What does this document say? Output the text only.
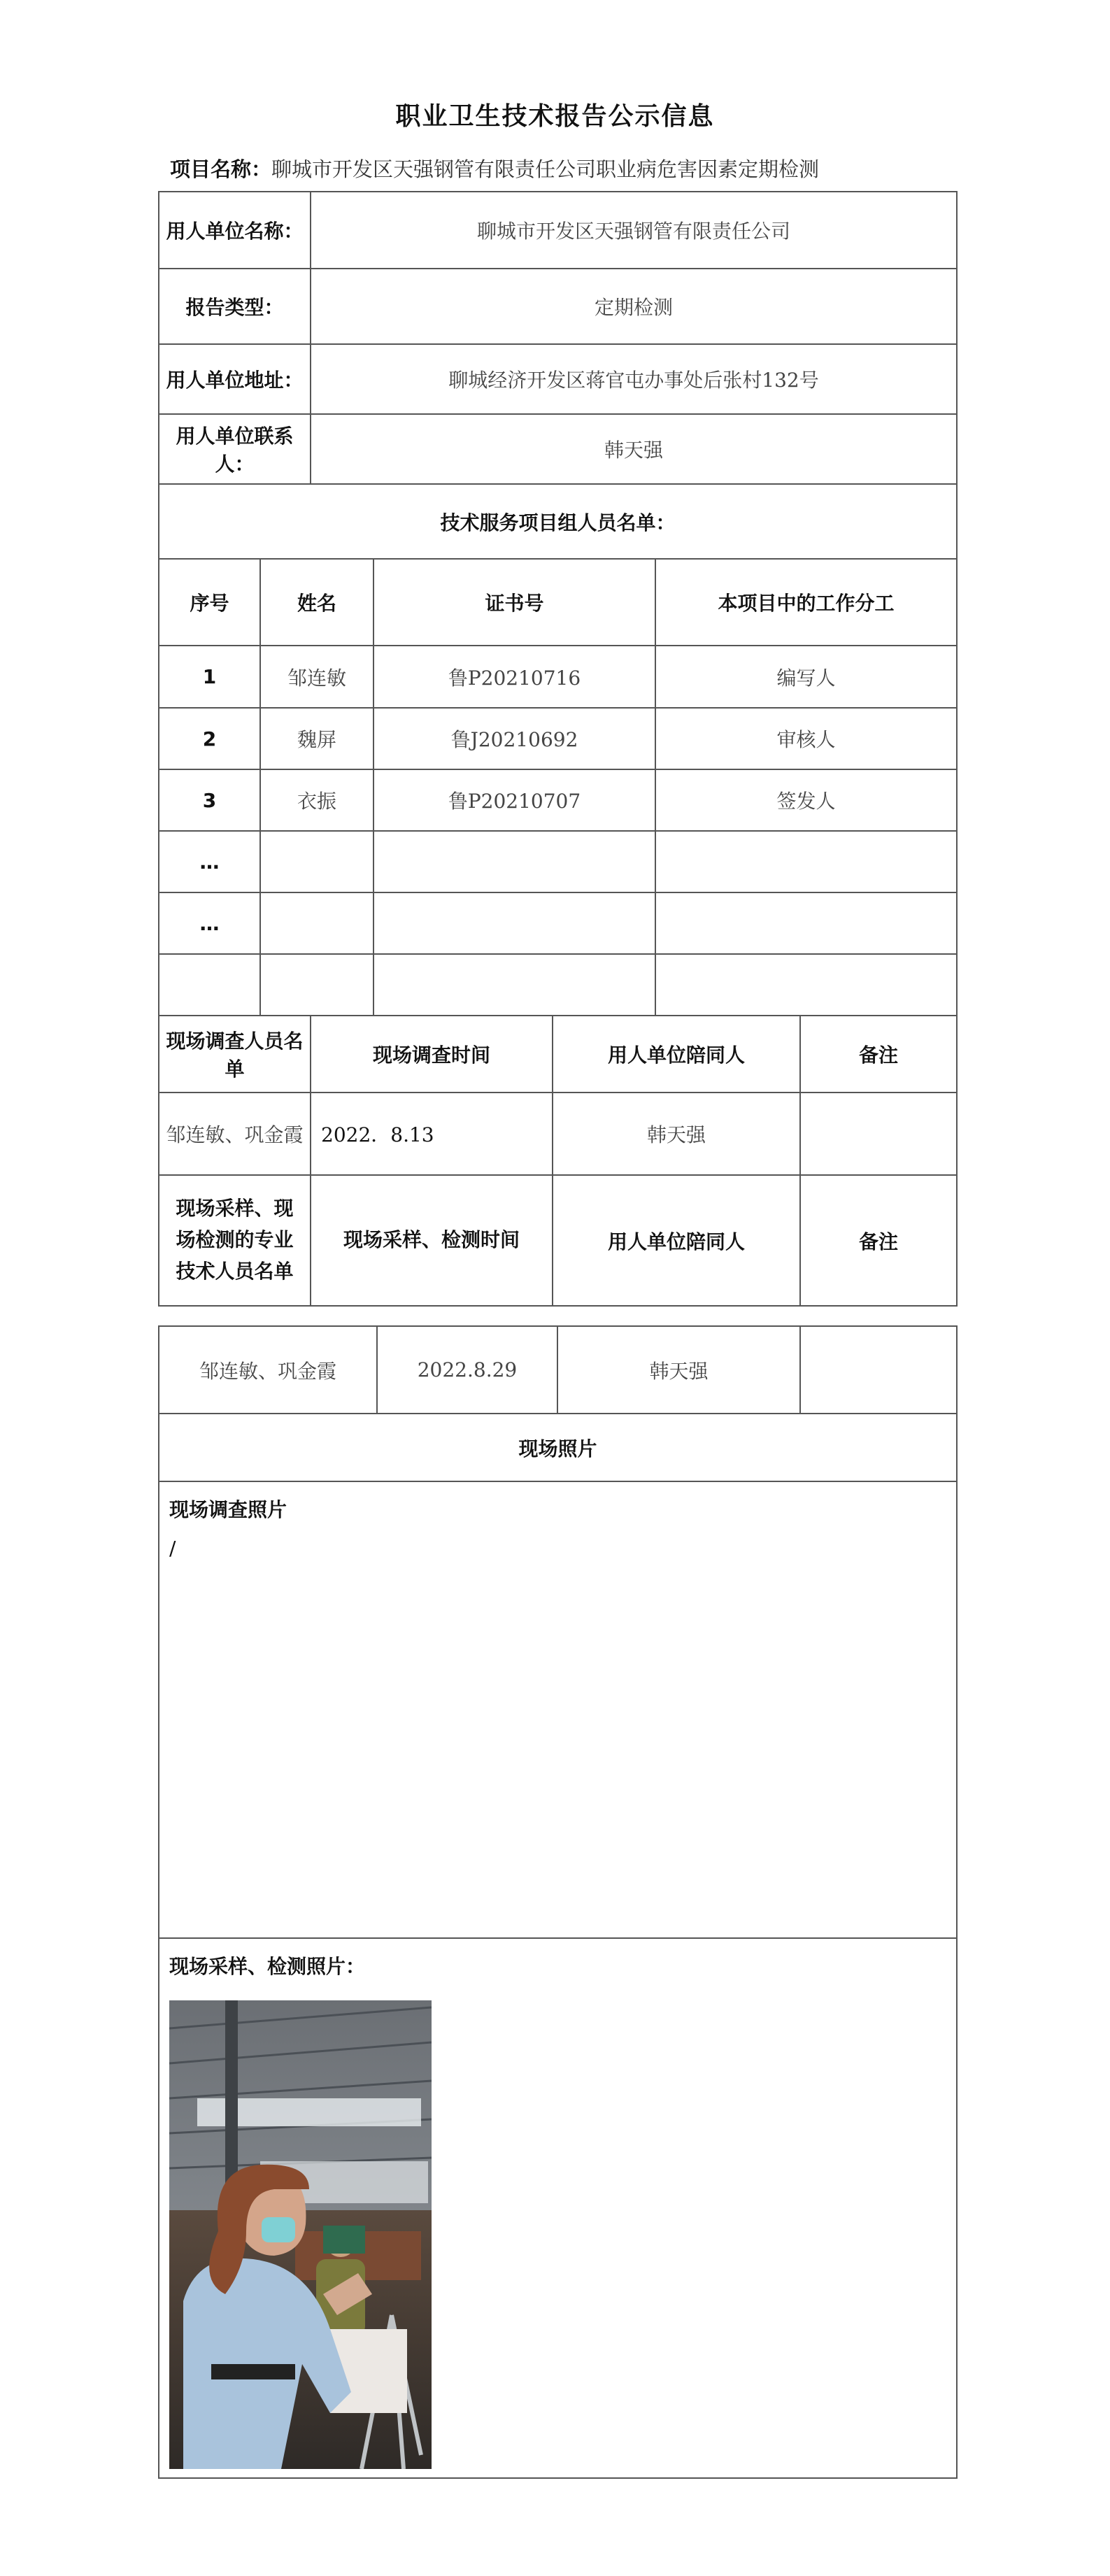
职业卫生技术报告公示信息
项目名称：聊城市开发区天强钢管有限责任公司职业病危害因素定期检测
用人单位名称：		聊城市开发区天强钢管有限责任公司				
报告类型：		定期检测				
用人单位地址：		聊城经济开发区蒋官屯办事处后张村132号				
用人单位联系人：		韩天强				
技术服务项目组人员名单：						
序号	姓名		证书号		本项目中的工作分工	
1	邹连敏		鲁P20210716		编写人	
2	魏屏		鲁J20210692		审核人	
3	衣振		鲁P20210707		签发人	
…						
…						

现场调查人员名单		现场调查时间		用人单位陪同人		备注
邹连敏、巩金霞		2022．8.13		韩天强		
现场采样、现场检测的专业技术人员名单		现场采样、检测时间		用人单位陪同人		备注
邹连敏、巩金霞	2022.8.29	韩天强	
现场照片

现场调查照片
/

现场采样、检测照片：
